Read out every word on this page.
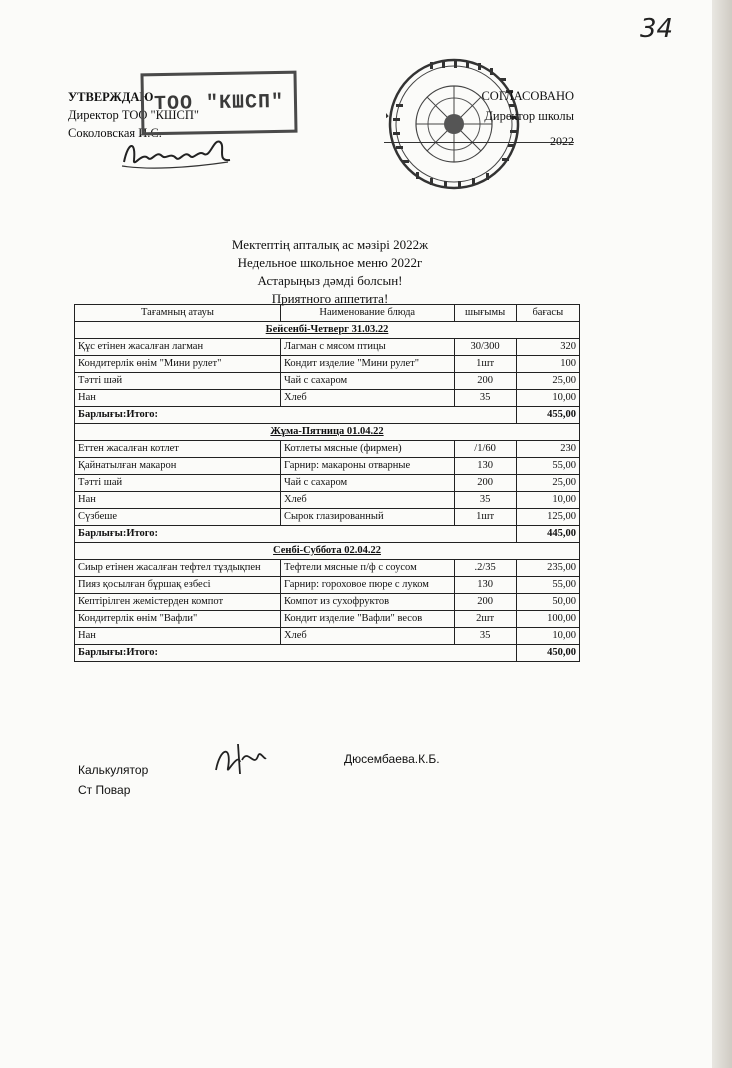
34
УТВЕРЖДАЮ
Директор ТОО "КШСП"
Соколовская И.С.
ТОО "КШСП"	СОГЛАСОВАНО
Директор школы
2022
Мектептің апталық ас мәзірі 2022ж
Недельное школьное меню 2022г
Астарыңыз дәмді болсын!
Приятного аппетита!
Тағамның атауы	Наименование блюда	шығымы	бағасы
Бейсенбі-Четверг 31.03.22			
Құс етінен жасалған лагман	Лагман с мясом птицы	30/300	320
Кондитерлік өнім "Мини рулет"	Кондит изделие "Мини рулет"	1шт	100
Тәтті шәй	Чай с сахаром	200	25,00
Нан	Хлеб	35	10,00
Барлығы:Итого:			455,00
Жұма-Пятница 01.04.22			
Еттен жасалған котлет	Котлеты мясные (фирмен)	/1/60	230
Қайнатылған макарон	Гарнир: макароны отварные	130	55,00
Тәтті шай	Чай с сахаром	200	25,00
Нан	Хлеб	35	10,00
Сүзбеше	Сырок глазированный	1шт	125,00
Барлығы:Итого:			445,00
Сенбі-Суббота 02.04.22			
Сиыр етінен жасалған тефтел тұздықпен	Тефтели мясные п/ф с соусом	.2/35	235,00
Пияз қосылған бұршақ езбесі	Гарнир: гороховое пюре с луком	130	55,00
Кептірілген жемістерден компот	Компот из сухофруктов	200	50,00
Кондитерлік өнім "Вафли"	Кондит изделие "Вафли" весов	2шт	100,00
Нан	Хлеб	35	10,00
Барлығы:Итого:			450,00
Калькулятор
Ст Повар
Дюсембаева.К.Б.
